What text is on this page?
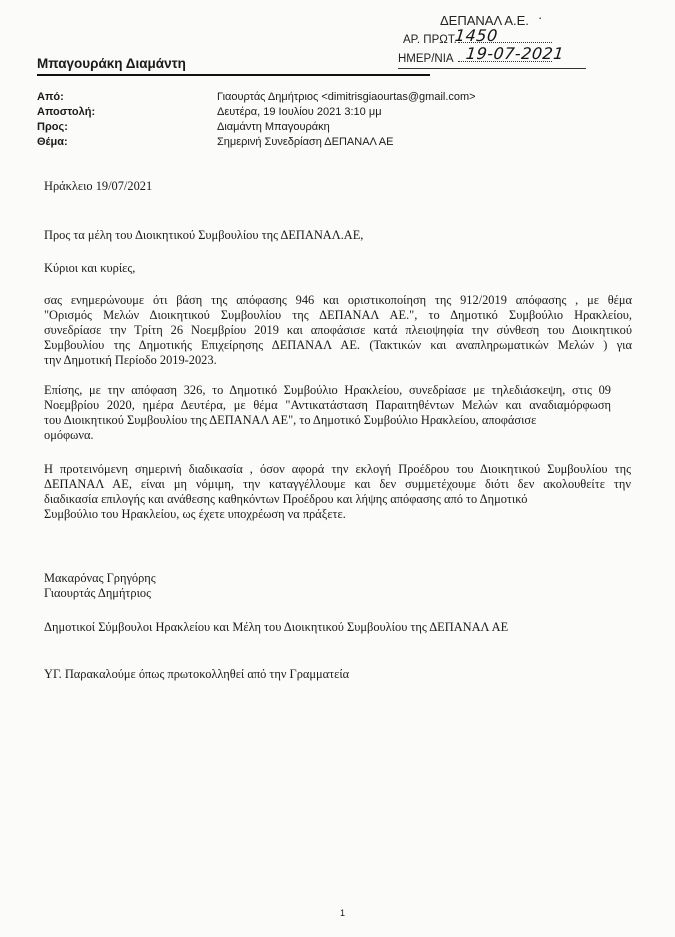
ΔΕΠΑΝΑΛ Α.Ε. ·
ΑΡ. ΠΡΩΤ.
1450
ΗΜΕΡ/ΝΙΑ 19-07-2021
Μπαγουράκη Διαμάντη
Από:	Γιαουρτάς Δημήτριος <dimitrisgiaourtas@gmail.com>
Αποστολή:	Δευτέρα, 19 Ιουλίου 2021 3:10 μμ
Προς:	Διαμάντη Μπαγουράκη
Θέμα:	Σημερινή Συνεδρίαση ΔΕΠΑΝΑΛ ΑΕ
Ηράκλειο 19/07/2021
Προς τα μέλη του Διοικητικού Συμβουλίου της ΔΕΠΑΝΑΛ.ΑΕ,
Κύριοι και κυρίες,
σας ενημερώνουμε ότι βάση της απόφασης 946 και οριστικοποίηση της 912/2019 απόφασης , με θέμα
"Ορισμός Μελών Διοικητικού Συμβουλίου της ΔΕΠΑΝΑΛ ΑΕ.", το Δημοτικό Συμβούλιο Ηρακλείου,
συνεδρίασε την Τρίτη 26 Νοεμβρίου 2019 και αποφάσισε κατά πλειοψηφία την σύνθεση του Διοικητικού
Συμβουλίου της Δημοτικής Επιχείρησης ΔΕΠΑΝΑΛ ΑΕ. (Τακτικών και αναπληρωματικών Μελών ) για
την Δημοτική Περίοδο 2019-2023.
Επίσης, με την απόφαση 326, το Δημοτικό Συμβούλιο Ηρακλείου, συνεδρίασε με τηλεδιάσκεψη, στις 09
Νοεμβρίου 2020, ημέρα Δευτέρα, με θέμα "Αντικατάσταση Παραιτηθέντων Μελών και αναδιαμόρφωση
του Διοικητικού Συμβουλίου της ΔΕΠΑΝΑΛ ΑΕ", το Δημοτικό Συμβούλιο Ηρακλείου, αποφάσισε
ομόφωνα.
Η προτεινόμενη σημερινή διαδικασία , όσον αφορά την εκλογή Προέδρου του Διοικητικού Συμβουλίου της
ΔΕΠΑΝΑΛ ΑΕ, είναι μη νόμιμη, την καταγγέλλουμε και δεν συμμετέχουμε διότι δεν ακολουθείτε την
διαδικασία επιλογής και ανάθεσης καθηκόντων Προέδρου και λήψης απόφασης από το Δημοτικό
Συμβούλιο του Ηρακλείου, ως έχετε υποχρέωση να πράξετε.
Μακαρόνας Γρηγόρης
Γιαουρτάς Δημήτριος
Δημοτικοί Σύμβουλοι Ηρακλείου και Μέλη του Διοικητικού Συμβουλίου της ΔΕΠΑΝΑΛ ΑΕ
ΥΓ. Παρακαλούμε όπως πρωτοκολληθεί από την Γραμματεία
1
